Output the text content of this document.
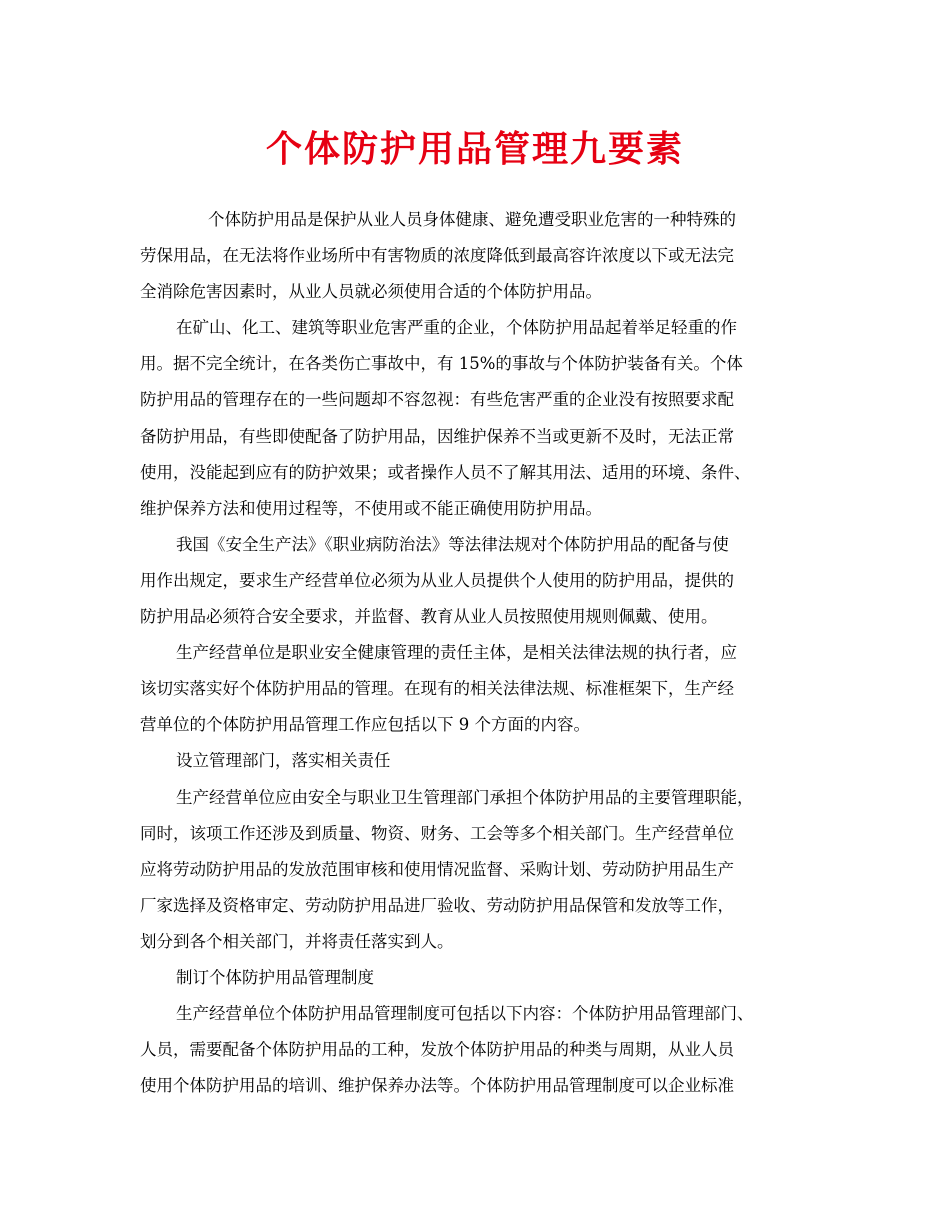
个体防护用品管理九要素
个体防护用品是保护从业人员身体健康、避免遭受职业危害的一种特殊的
劳保用品，在无法将作业场所中有害物质的浓度降低到最高容许浓度以下或无法完
全消除危害因素时，从业人员就必须使用合适的个体防护用品。
在矿山、化工、建筑等职业危害严重的企业，个体防护用品起着举足轻重的作
用。据不完全统计，在各类伤亡事故中，有 15%的事故与个体防护装备有关。个体
防护用品的管理存在的一些问题却不容忽视：有些危害严重的企业没有按照要求配
备防护用品，有些即使配备了防护用品，因维护保养不当或更新不及时，无法正常
使用，没能起到应有的防护效果；或者操作人员不了解其用法、适用的环境、条件、
维护保养方法和使用过程等，不使用或不能正确使用防护用品。
我国《安全生产法》《职业病防治法》等法律法规对个体防护用品的配备与使
用作出规定，要求生产经营单位必须为从业人员提供个人使用的防护用品，提供的
防护用品必须符合安全要求，并监督、教育从业人员按照使用规则佩戴、使用。
生产经营单位是职业安全健康管理的责任主体，是相关法律法规的执行者，应
该切实落实好个体防护用品的管理。在现有的相关法律法规、标准框架下，生产经
营单位的个体防护用品管理工作应包括以下 9 个方面的内容。
设立管理部门，落实相关责任
生产经营单位应由安全与职业卫生管理部门承担个体防护用品的主要管理职能，
同时，该项工作还涉及到质量、物资、财务、工会等多个相关部门。生产经营单位
应将劳动防护用品的发放范围审核和使用情况监督、采购计划、劳动防护用品生产
厂家选择及资格审定、劳动防护用品进厂验收、劳动防护用品保管和发放等工作，
划分到各个相关部门，并将责任落实到人。
制订个体防护用品管理制度
生产经营单位个体防护用品管理制度可包括以下内容：个体防护用品管理部门、
人员，需要配备个体防护用品的工种，发放个体防护用品的种类与周期，从业人员
使用个体防护用品的培训、维护保养办法等。个体防护用品管理制度可以企业标准
